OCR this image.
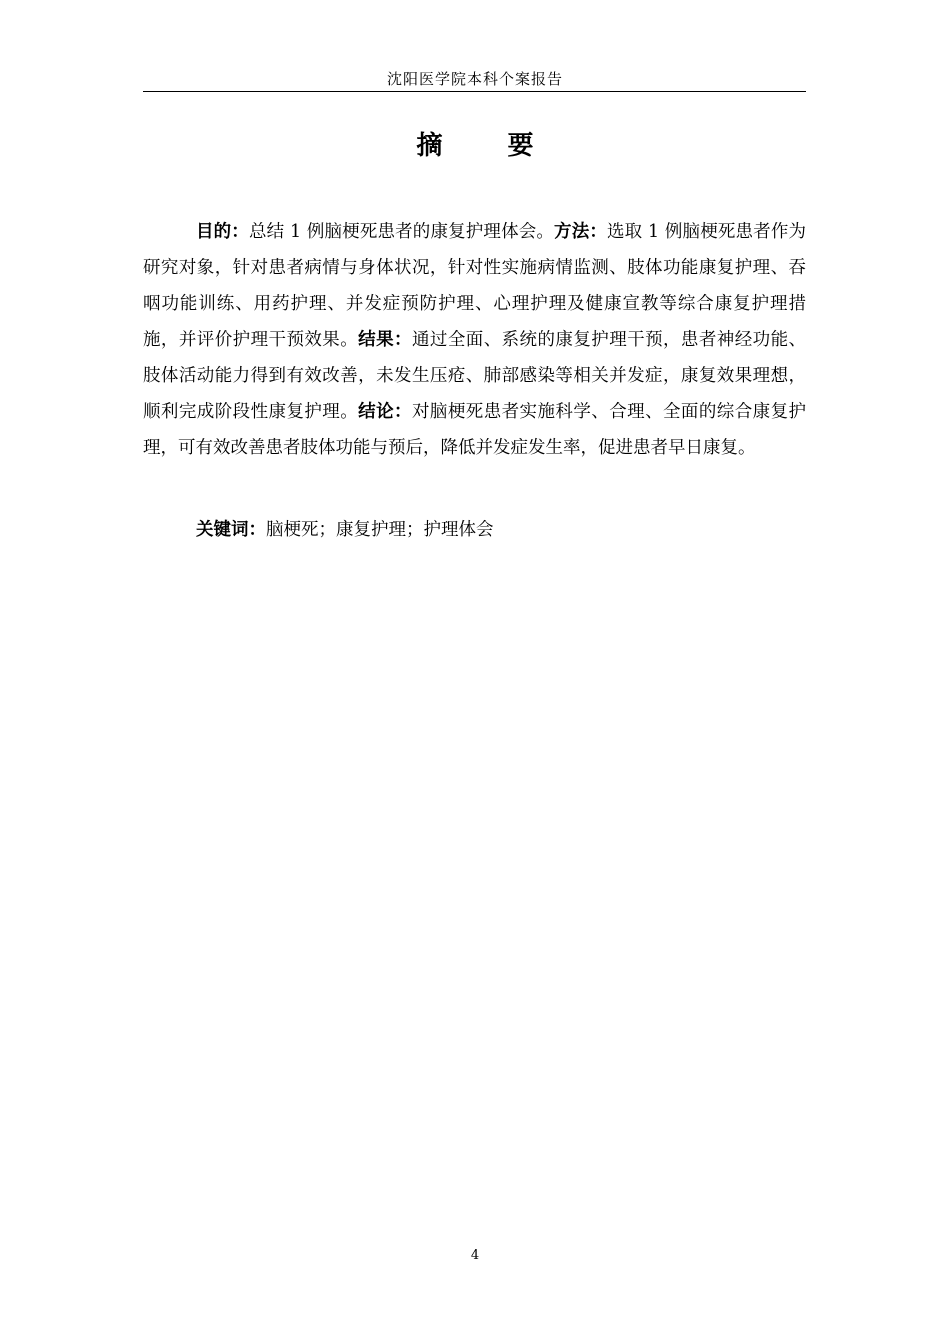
沈阳医学院本科个案报告
摘 要

目的：总结 1 例脑梗死患者的康复护理体会。方法：选取 1 例脑梗死患者作为研究对象，针对患者病情与身体状况，针对性实施病情监测、肢体功能康复护理、吞咽功能训练、用药护理、并发症预防护理、心理护理及健康宣教等综合康复护理措施，并评价护理干预效果。结果：通过全面、系统的康复护理干预，患者神经功能、肢体活动能力得到有效改善，未发生压疮、肺部感染等相关并发症，康复效果理想，顺利完成阶段性康复护理。结论：对脑梗死患者实施科学、合理、全面的综合康复护理，可有效改善患者肢体功能与预后，降低并发症发生率，促进患者早日康复。

关键词：脑梗死；康复护理；护理体会

4
